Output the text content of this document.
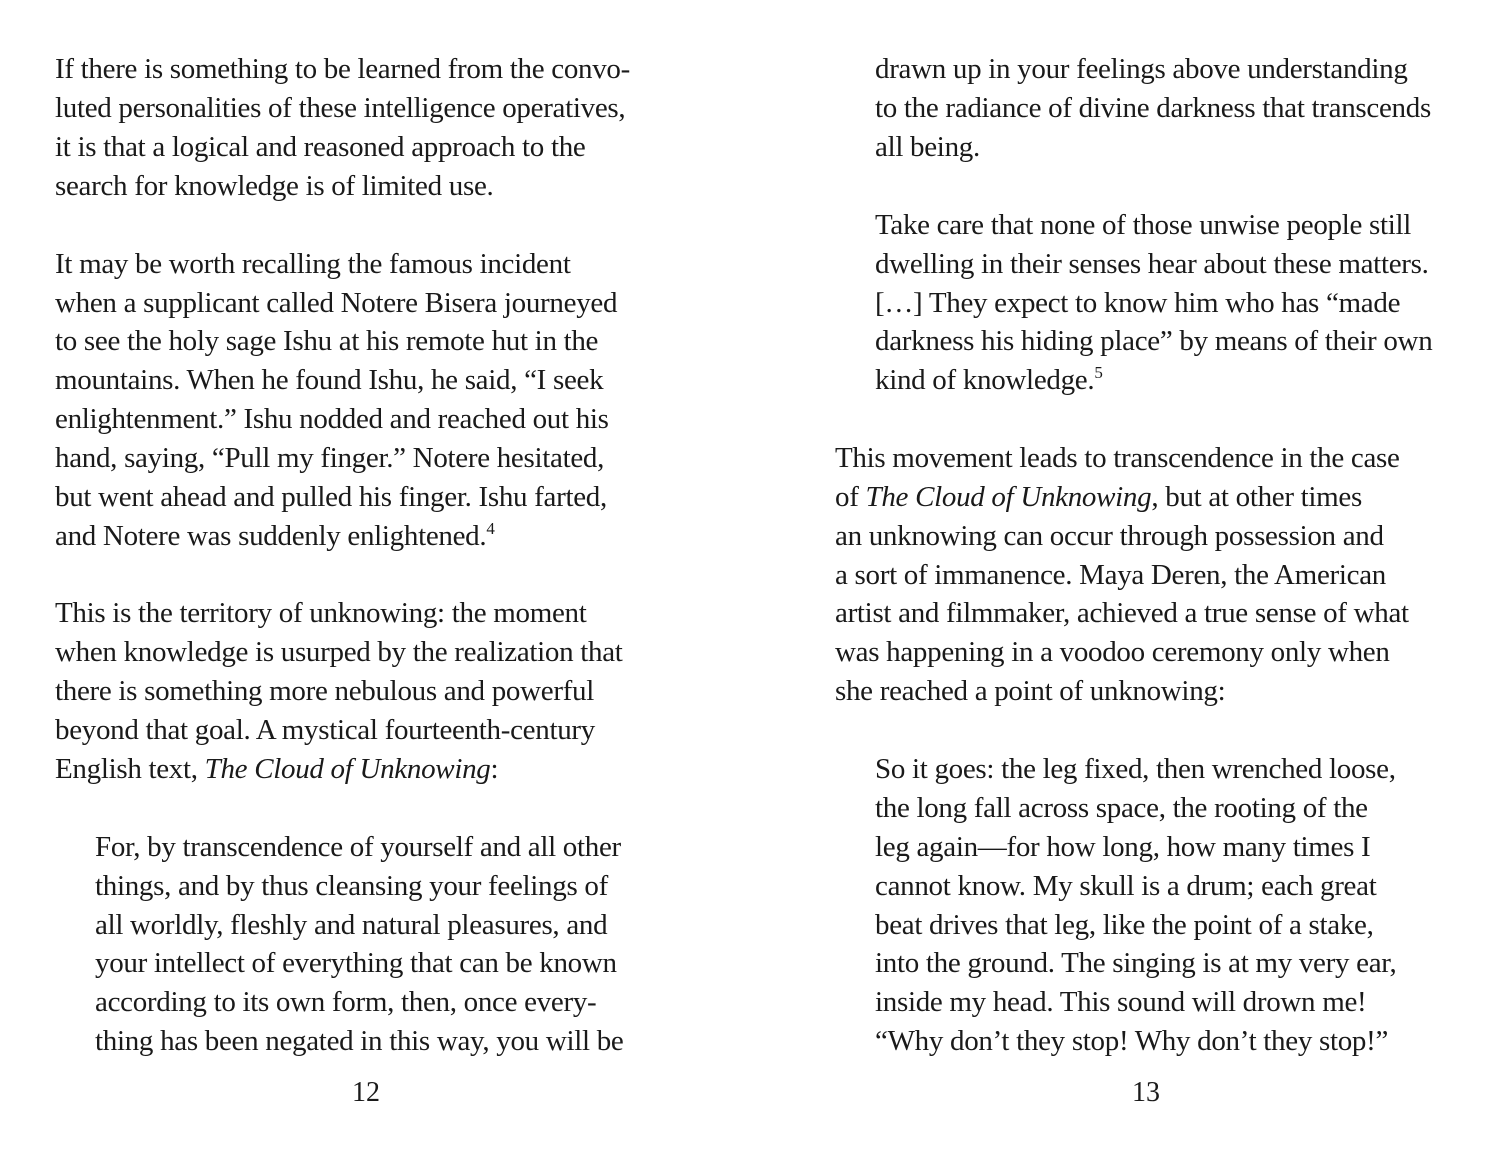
If there is something to be learned from the convo-
luted personalities of these intelligence operatives,
it is that a logical and reasoned approach to the
search for knowledge is of limited use.
It may be worth recalling the famous incident
when a supplicant called Notere Bisera journeyed
to see the holy sage Ishu at his remote hut in the
mountains. When he found Ishu, he said, “I seek
enlightenment.” Ishu nodded and reached out his
hand, saying, “Pull my finger.” Notere hesitated,
but went ahead and pulled his finger. Ishu farted,
and Notere was suddenly enlightened.$^4$
This is the territory of unknowing: the moment
when knowledge is usurped by the realization that
there is something more nebulous and powerful
beyond that goal. A mystical fourteenth-century
English text, The Cloud of Unknowing:
For, by transcendence of yourself and all other
things, and by thus cleansing your feelings of
all worldly, fleshly and natural pleasures, and
your intellect of everything that can be known
according to its own form, then, once every-
thing has been negated in this way, you will be
12
drawn up in your feelings above understanding
to the radiance of divine darkness that transcends
all being.
Take care that none of those unwise people still
dwelling in their senses hear about these matters.
[…] They expect to know him who has “made
darkness his hiding place” by means of their own
kind of knowledge.$^5$
This movement leads to transcendence in the case
of The Cloud of Unknowing, but at other times
an unknowing can occur through possession and
a sort of immanence. Maya Deren, the American
artist and filmmaker, achieved a true sense of what
was happening in a voodoo ceremony only when
she reached a point of unknowing:
So it goes: the leg fixed, then wrenched loose,
the long fall across space, the rooting of the
leg again—for how long, how many times I
cannot know. My skull is a drum; each great
beat drives that leg, like the point of a stake,
into the ground. The singing is at my very ear,
inside my head. This sound will drown me!
“Why don’t they stop! Why don’t they stop!”
13
